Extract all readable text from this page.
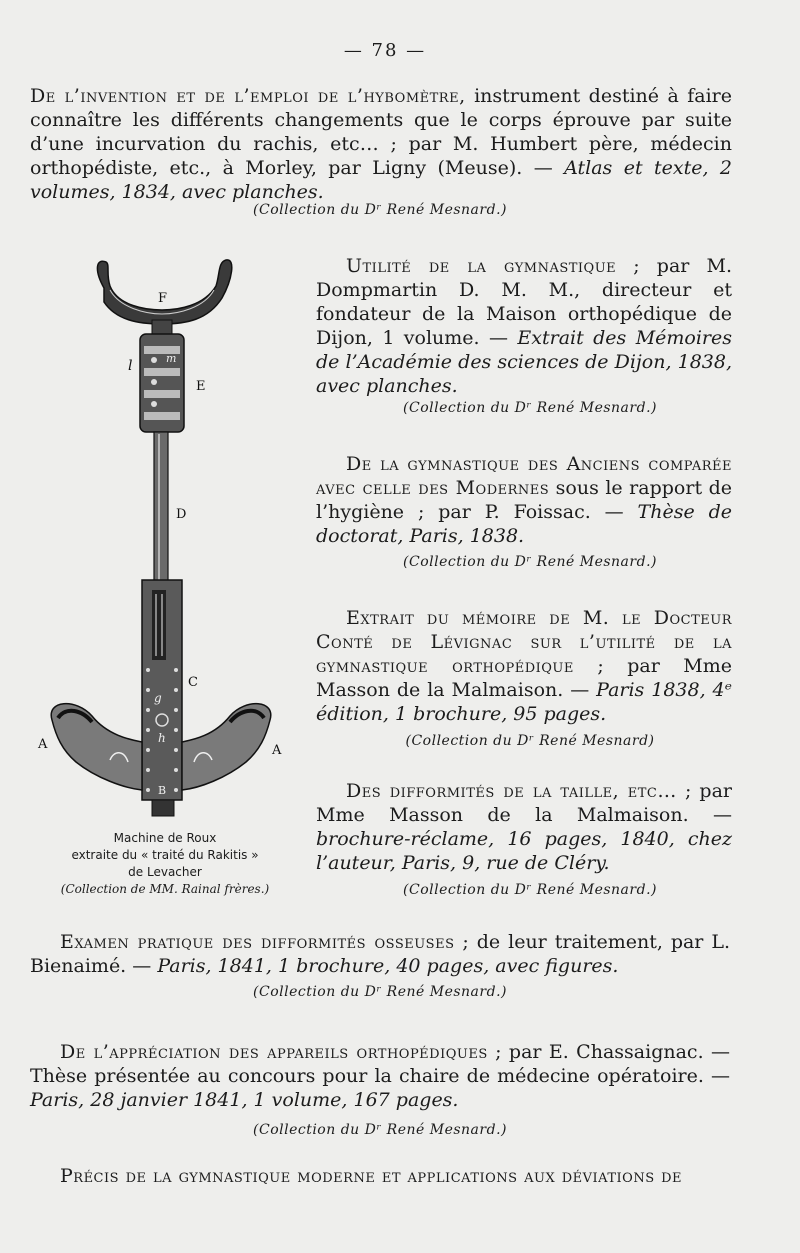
— 78 —
De l’invention et de l’emploi de l’hybomètre, instrument destiné à faire connaître les différents changements que le corps éprouve par suite d’une incurvation du rachis, etc… ; par M. Humbert père, médecin orthopédiste, etc., à Morley, par Ligny (Meuse). — Atlas et texte, 2 volumes, 1834, avec planches.
(Collection du Dʳ René Mesnard.)
Utilité de la gymnastique ; par M. Dompmartin D. M. M., directeur et fondateur de la Maison orthopédique de Dijon, 1 volume. — Extrait des Mémoires de l’Académie des sciences de Dijon, 1838, avec planches.
(Collection du Dʳ René Mesnard.)
De la gymnastique des Anciens comparée avec celle des Modernes sous le rapport de l’hygiène ; par P. Foissac. — Thèse de doctorat, Paris, 1838.
(Collection du Dʳ René Mesnard.)
Extrait du mémoire de M. le Docteur Conté de Lévignac sur l’utilité de la gymnastique orthopédique ; par Mme Masson de la Malmaison. — Paris 1838, 4ᵉ édition, 1 brochure, 95 pages.
(Collection du Dʳ René Mesnard)
Des difformités de la taille, etc… ; par Mme Masson de la Malmaison. — brochure-réclame, 16 pages, 1840, chez l’auteur, Paris, 9, rue de Cléry.
(Collection du Dʳ René Mesnard.)
F
E
D
C
A	A
B
l	m
g
h
Machine de Roux
extraite du « traité du Rakitis »
de Levacher
(Collection de MM. Rainal frères.)
Examen pratique des difformités osseuses ; de leur traitement, par L. Bienaimé. — Paris, 1841, 1 brochure, 40 pages, avec figures.
(Collection du Dʳ René Mesnard.)
De l’appréciation des appareils orthopédiques ; par E. Chassaignac. — Thèse présentée au concours pour la chaire de médecine opératoire. — Paris, 28 janvier 1841, 1 volume, 167 pages.
(Collection du Dʳ René Mesnard.)
Précis de la gymnastique moderne et applications aux déviations de
